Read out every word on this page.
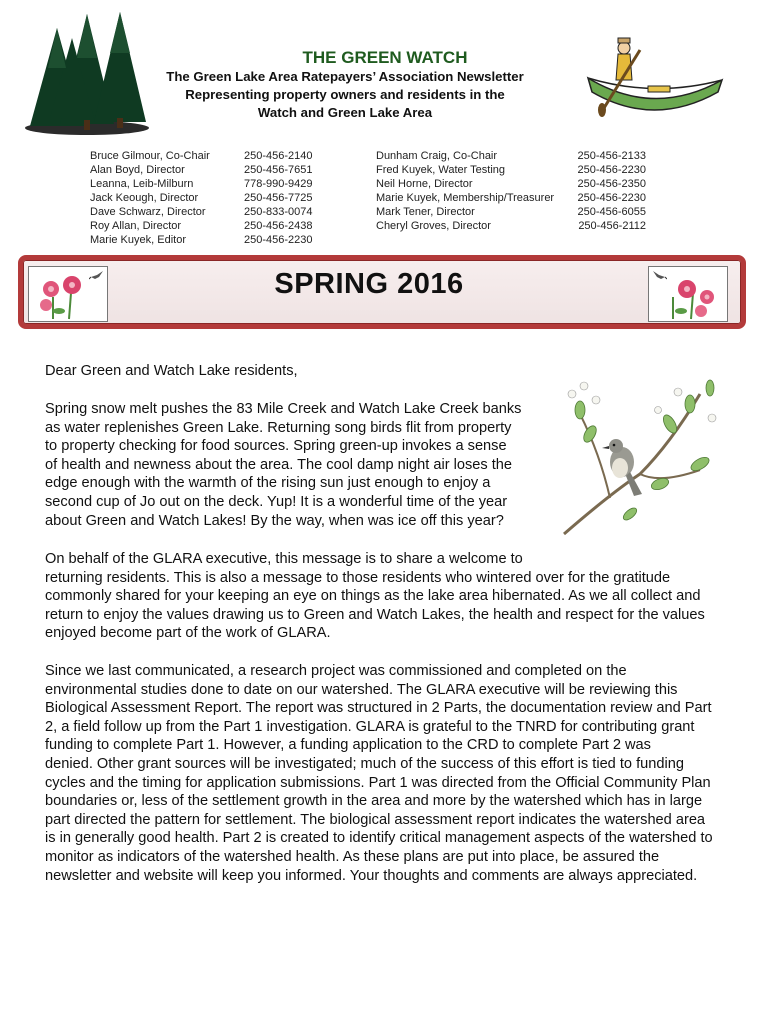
THE GREEN WATCH
The Green Lake Area Ratepayers’ Association Newsletter
Representing property owners and residents in the
Watch and Green Lake Area
Bruce Gilmour, Co-Chair
Alan Boyd, Director
Leanna, Leib-Milburn
Jack Keough, Director
Dave Schwarz, Director
Roy Allan, Director
Marie Kuyek, Editor
250-456-2140
250-456-7651
778-990-9429
250-456-7725
250-833-0074
250-456-2438
250-456-2230
Dunham Craig, Co-Chair
Fred Kuyek, Water Testing
Neil Horne, Director
Marie Kuyek, Membership/Treasurer
Mark Tener, Director
Cheryl Groves, Director
250-456-2133
250-456-2230
250-456-2350
250-456-2230
250-456-6055
250-456-2112
SPRING 2016
Dear Green and Watch Lake residents,

Spring snow melt pushes the 83 Mile Creek and Watch Lake Creek banks

as water replenishes Green Lake. Returning song birds flit from property

to property checking for food sources. Spring green-up invokes a sense

of health and newness about the area. The cool damp night air loses the

edge enough with the warmth of the rising sun just enough to enjoy a

second cup of Jo out on the deck. Yup! It is a wonderful time of the year

about Green and Watch Lakes! By the way, when was ice off this year?

On behalf of the GLARA executive, this message is to share a welcome to

returning residents. This is also a message to those residents who wintered over for the gratitude

commonly shared for your keeping an eye on things as the lake area hibernated. As we all collect and

return to enjoy the values drawing us to Green and Watch Lakes, the health and respect for the values

enjoyed become part of the work of GLARA.

Since we last communicated, a research project was commissioned and completed on the

environmental studies done to date on our watershed. The GLARA executive will be reviewing this

Biological Assessment Report. The report was structured in 2 Parts, the documentation review and Part

2, a field follow up from the Part 1 investigation. GLARA is grateful to the TNRD for contributing grant

funding to complete Part 1. However, a funding application to the CRD to complete Part 2 was

denied. Other grant sources will be investigated; much of the success of this effort is tied to funding

cycles and the timing for application submissions. Part 1 was directed from the Official Community Plan

boundaries or, less of the settlement growth in the area and more by the watershed which has in large

part directed the pattern for settlement. The biological assessment report indicates the watershed area

is in generally good health. Part 2 is created to identify critical management aspects of the watershed to

monitor as indicators of the watershed health. As these plans are put into place, be assured the

newsletter and website will keep you informed. Your thoughts and comments are always appreciated.
